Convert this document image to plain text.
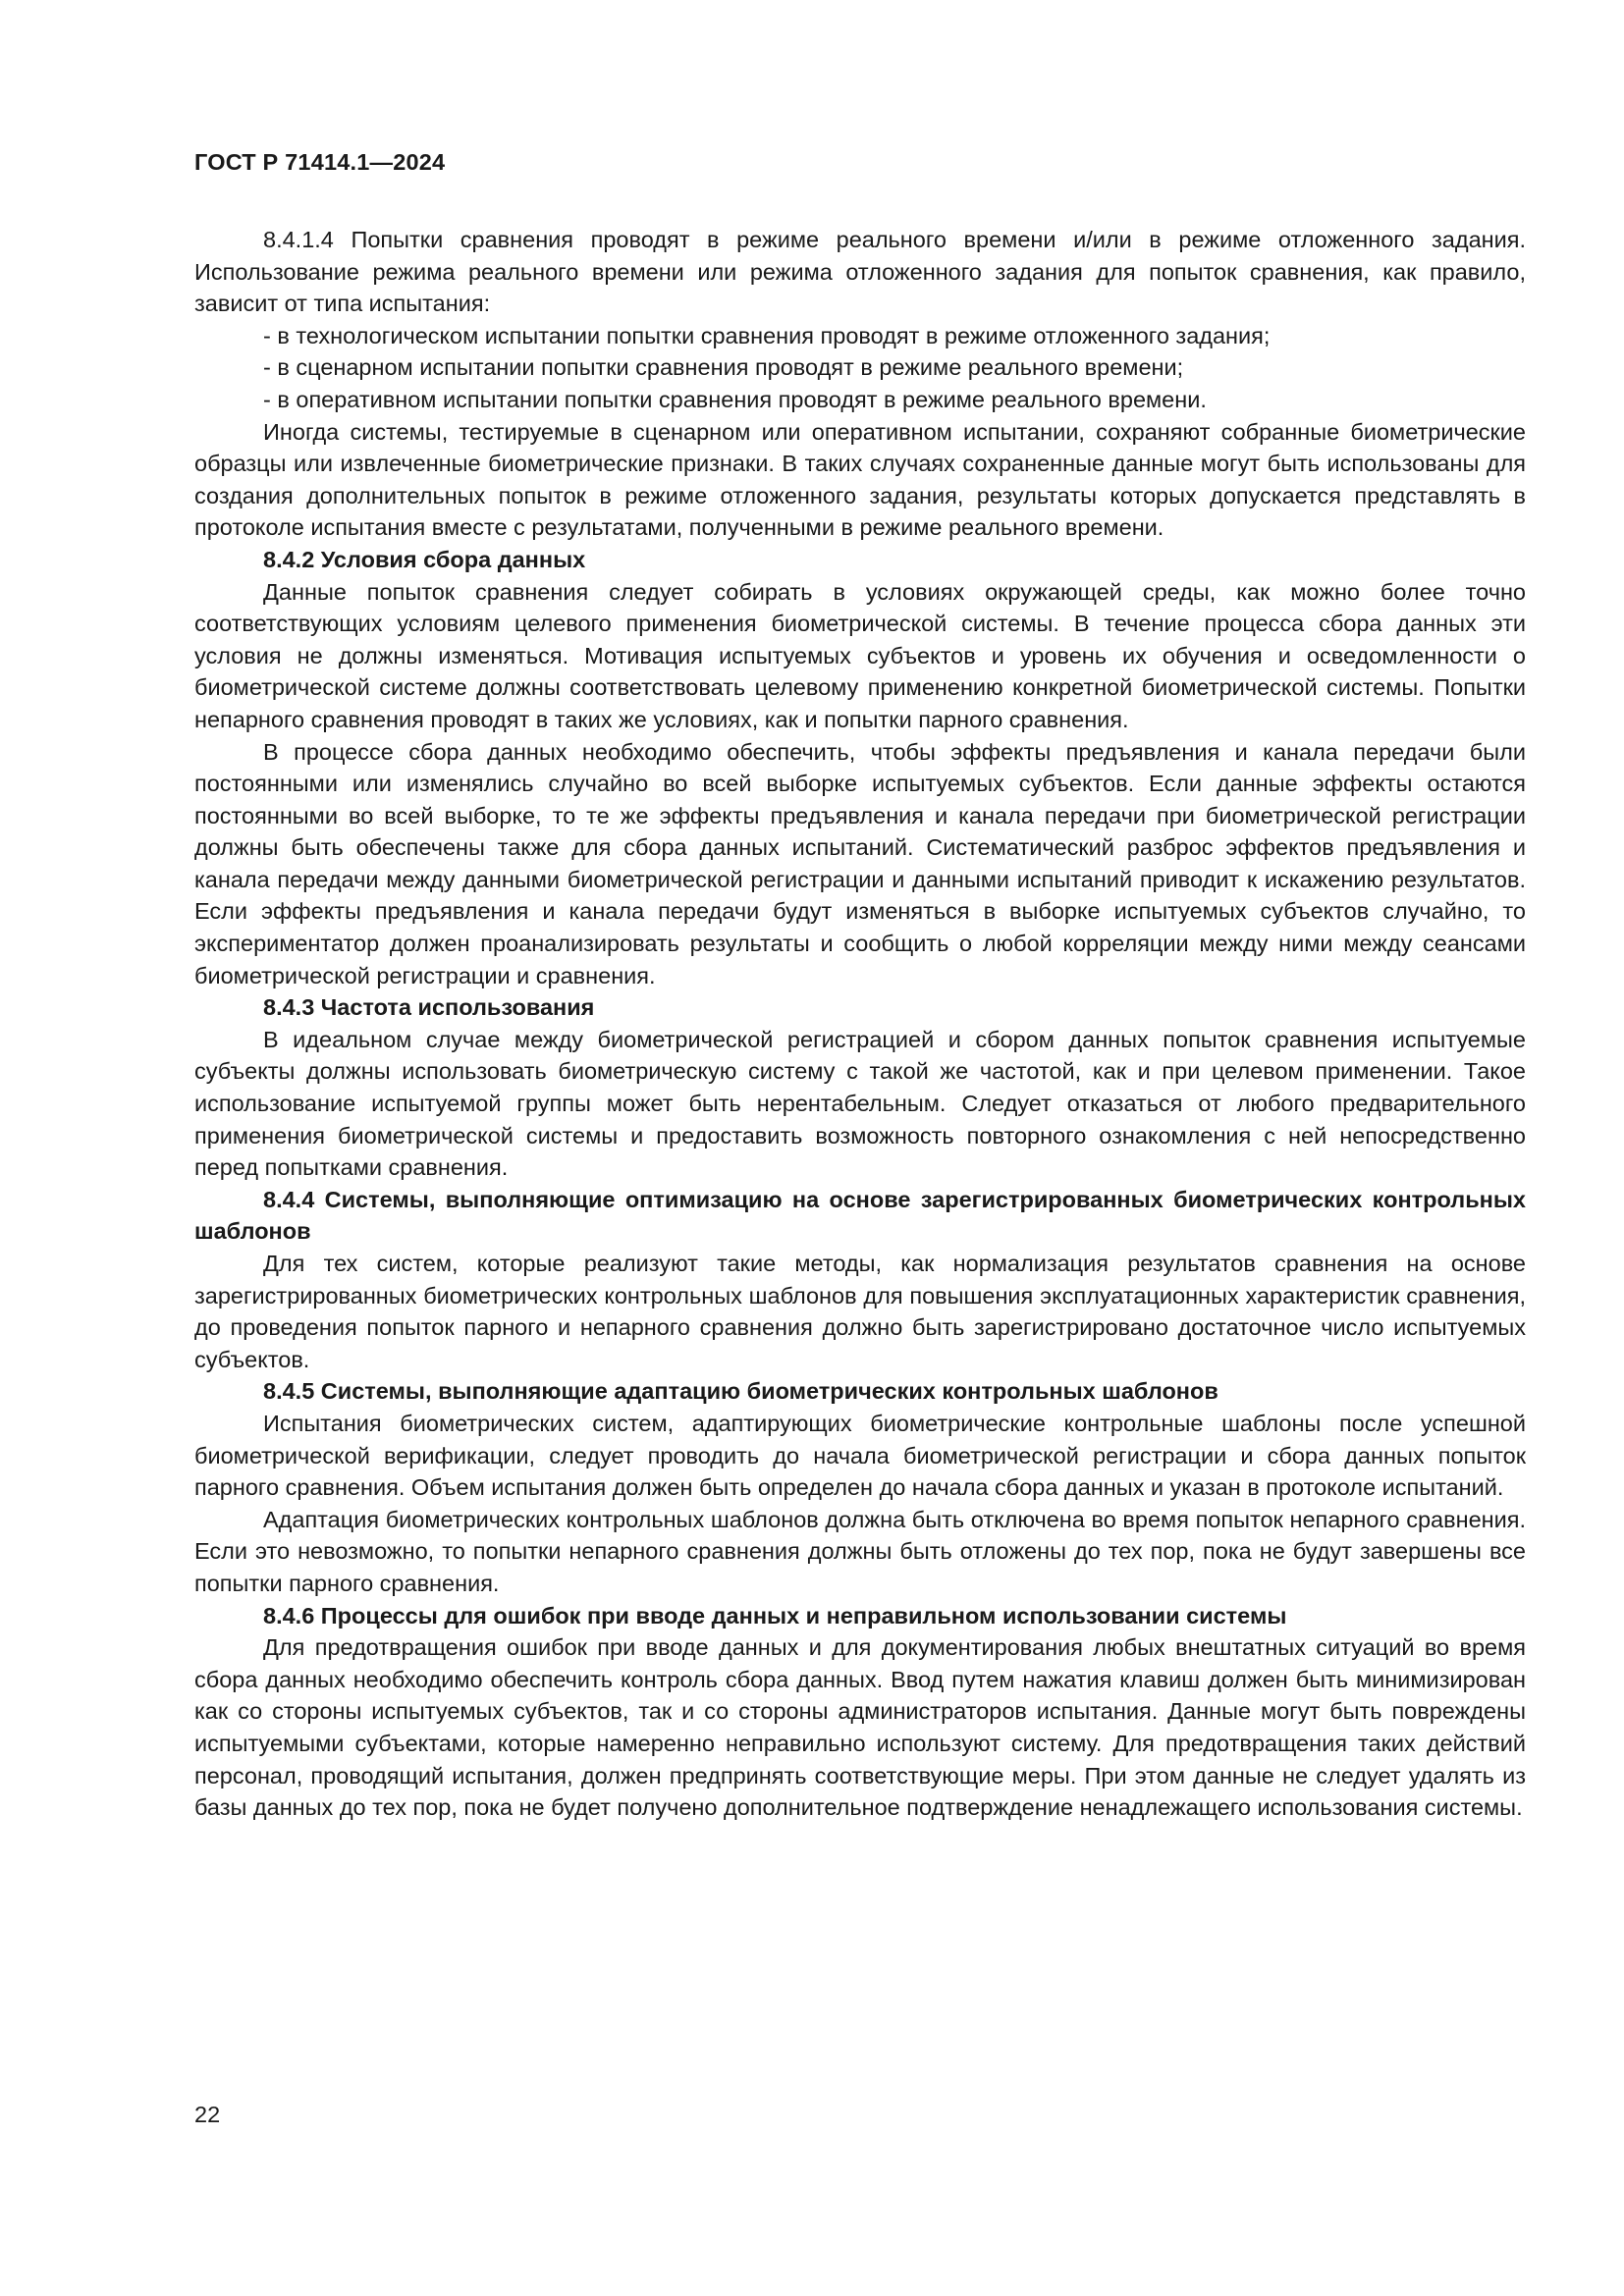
ГОСТ Р 71414.1—2024

8.4.1.4 Попытки сравнения проводят в режиме реального времени и/или в режиме отложенного задания. Использование режима реального времени или режима отложенного задания для попыток сравнения, как правило, зависит от типа испытания:

- в технологическом испытании попытки сравнения проводят в режиме отложенного задания;

- в сценарном испытании попытки сравнения проводят в режиме реального времени;

- в оперативном испытании попытки сравнения проводят в режиме реального времени.

Иногда системы, тестируемые в сценарном или оперативном испытании, сохраняют собранные биометрические образцы или извлеченные биометрические признаки. В таких случаях сохраненные данные могут быть использованы для создания дополнительных попыток в режиме отложенного задания, результаты которых допускается представлять в протоколе испытания вместе с результатами, полученными в режиме реального времени.

8.4.2 Условия сбора данных

Данные попыток сравнения следует собирать в условиях окружающей среды, как можно более точно соответствующих условиям целевого применения биометрической системы. В течение процесса сбора данных эти условия не должны изменяться. Мотивация испытуемых субъектов и уровень их обучения и осведомленности о биометрической системе должны соответствовать целевому применению конкретной биометрической системы. Попытки непарного сравнения проводят в таких же условиях, как и попытки парного сравнения.

В процессе сбора данных необходимо обеспечить, чтобы эффекты предъявления и канала передачи были постоянными или изменялись случайно во всей выборке испытуемых субъектов. Если данные эффекты остаются постоянными во всей выборке, то те же эффекты предъявления и канала передачи при биометрической регистрации должны быть обеспечены также для сбора данных испытаний. Систематический разброс эффектов предъявления и канала передачи между данными биометрической регистрации и данными испытаний приводит к искажению результатов. Если эффекты предъявления и канала передачи будут изменяться в выборке испытуемых субъектов случайно, то экспериментатор должен проанализировать результаты и сообщить о любой корреляции между ними между сеансами биометрической регистрации и сравнения.

8.4.3 Частота использования

В идеальном случае между биометрической регистрацией и сбором данных попыток сравнения испытуемые субъекты должны использовать биометрическую систему с такой же частотой, как и при целевом применении. Такое использование испытуемой группы может быть нерентабельным. Следует отказаться от любого предварительного применения биометрической системы и предоставить возможность повторного ознакомления с ней непосредственно перед попытками сравнения.

8.4.4 Системы, выполняющие оптимизацию на основе зарегистрированных биометрических контрольных шаблонов

Для тех систем, которые реализуют такие методы, как нормализация результатов сравнения на основе зарегистрированных биометрических контрольных шаблонов для повышения эксплуатационных характеристик сравнения, до проведения попыток парного и непарного сравнения должно быть зарегистрировано достаточное число испытуемых субъектов.

8.4.5 Системы, выполняющие адаптацию биометрических контрольных шаблонов

Испытания биометрических систем, адаптирующих биометрические контрольные шаблоны после успешной биометрической верификации, следует проводить до начала биометрической регистрации и сбора данных попыток парного сравнения. Объем испытания должен быть определен до начала сбора данных и указан в протоколе испытаний.

Адаптация биометрических контрольных шаблонов должна быть отключена во время попыток непарного сравнения. Если это невозможно, то попытки непарного сравнения должны быть отложены до тех пор, пока не будут завершены все попытки парного сравнения.

8.4.6 Процессы для ошибок при вводе данных и неправильном использовании системы

Для предотвращения ошибок при вводе данных и для документирования любых внештатных ситуаций во время сбора данных необходимо обеспечить контроль сбора данных. Ввод путем нажатия клавиш должен быть минимизирован как со стороны испытуемых субъектов, так и со стороны администраторов испытания. Данные могут быть повреждены испытуемыми субъектами, которые намеренно неправильно используют систему. Для предотвращения таких действий персонал, проводящий испытания, должен предпринять соответствующие меры. При этом данные не следует удалять из базы данных до тех пор, пока не будет получено дополнительное подтверждение ненадлежащего использования системы.

22
